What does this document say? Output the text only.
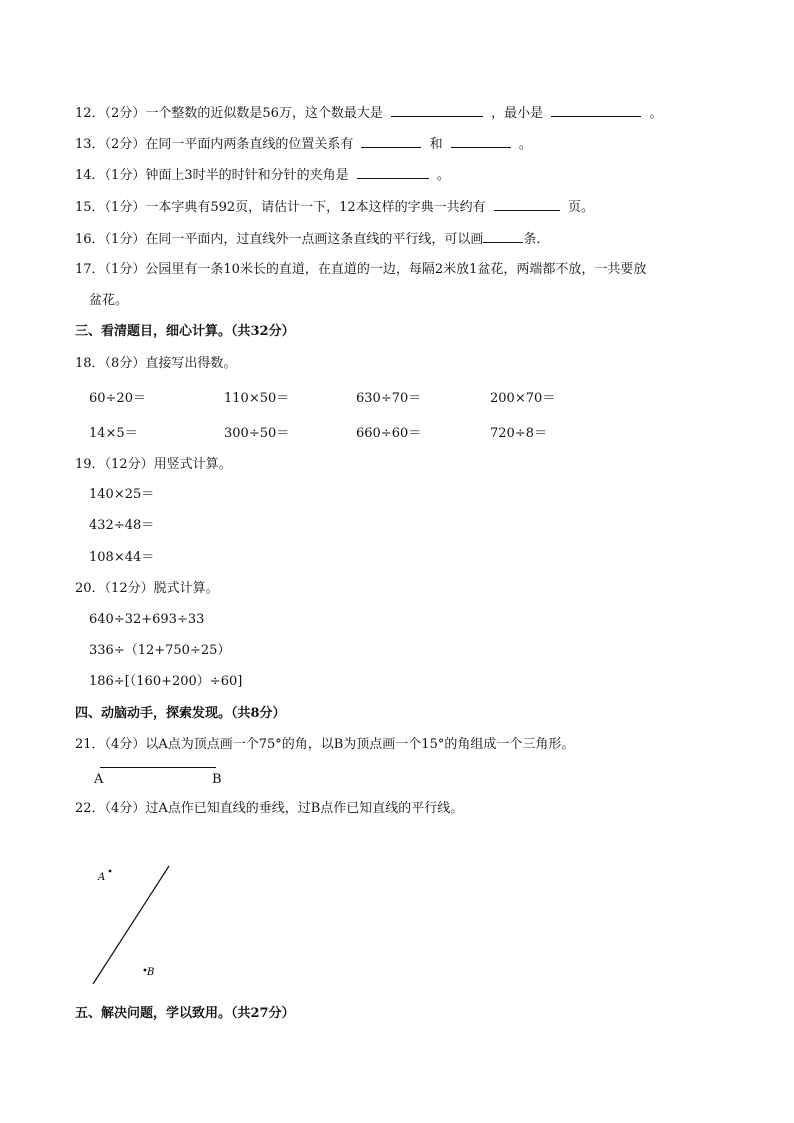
12．（2分）一个整数的近似数是56万，这个数最大是	，最小是	。
13．（2分）在同一平面内两条直线的位置关系有	和	。
14．（1分）钟面上3时半的时针和分针的夹角是	。
15．（1分）一本字典有592页，请估计一下，12本这样的字典一共约有	页。
16．（1分）在同一平面内，过直线外一点画这条直线的平行线，可以画	条．
17．（1分）公园里有一条10米长的直道，在直道的一边，每隔2米放1盆花，两端都不放，一共要放
盆花。
三、看清题目，细心计算。（共32分）
18．（8分）直接写出得数。
60÷20＝	110×50＝	630÷70＝	200×70＝
14×5＝	300÷50＝	660÷60＝	720÷8＝
19．（12分）用竖式计算。
140×25＝
432÷48＝
108×44＝
20．（12分）脱式计算。
640÷32+693÷33
336÷（12+750÷25）
186÷[（160+200）÷60]
四、动脑动手，探索发现。（共8分）
21．（4分）以A点为顶点画一个75°的角，以B为顶点画一个15°的角组成一个三角形。
A	B
22．（4分）过A点作已知直线的垂线，过B点作已知直线的平行线。
A
B
五、解决问题，学以致用。（共27分）
